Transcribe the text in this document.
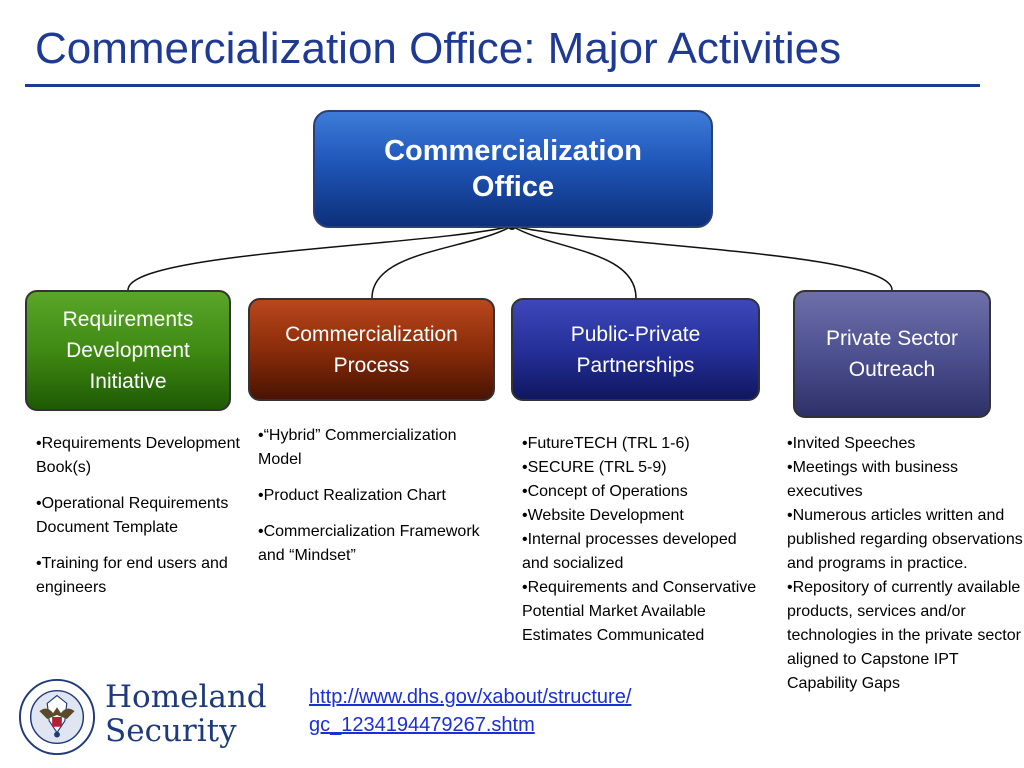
Commercialization Office: Major Activities
Commercialization
Office
Requirements
Development
Initiative
Commercialization
Process
Public-Private
Partnerships
Private Sector
Outreach
•Requirements Development Book(s)
•Operational Requirements Document Template
•Training for end users and engineers
•“Hybrid” Commercialization Model
•Product Realization Chart
•Commercialization Framework and “Mindset”
•FutureTECH (TRL 1-6)
•SECURE (TRL 5-9)
•Concept of Operations
•Website Development
•Internal processes developed and socialized
•Requirements and Conservative Potential Market Available Estimates Communicated
•Invited Speeches
•Meetings with business executives
•Numerous articles written and published regarding observations and programs in practice.
•Repository of currently available products, services and/or technologies in the private sector aligned to Capstone IPT Capability Gaps
Homeland
Security
http://www.dhs.gov/xabout/structure/
gc_1234194479267.shtm
